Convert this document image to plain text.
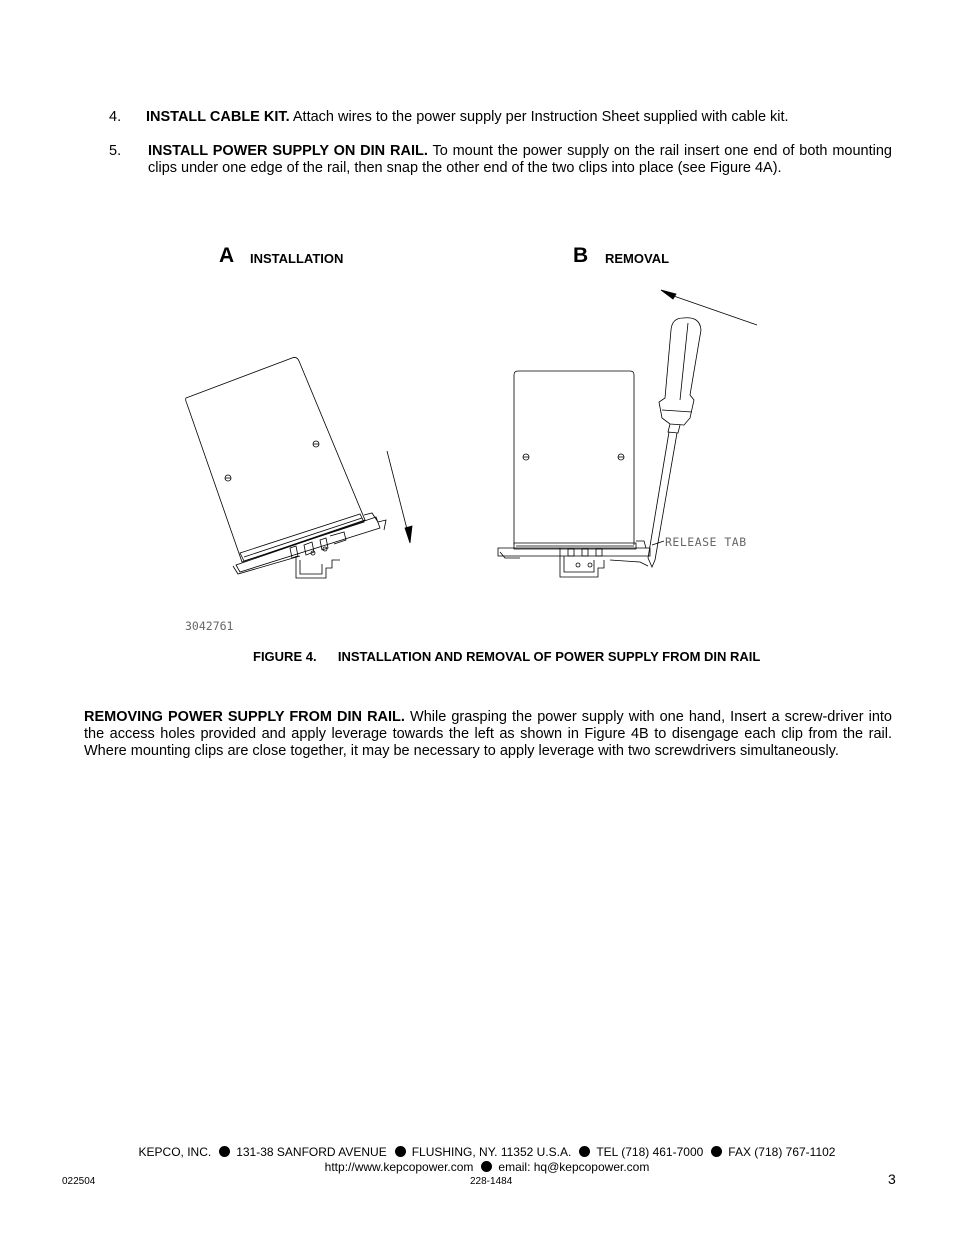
4. INSTALL CABLE KIT. Attach wires to the power supply per Instruction Sheet supplied with cable kit.
5. INSTALL POWER SUPPLY ON DIN RAIL. To mount the power supply on the rail insert one end of both mounting clips under one edge of the rail, then snap the other end of the two clips into place (see Figure 4A).
A INSTALLATION	B REMOVAL
RELEASE TAB
3042761
FIGURE 4. INSTALLATION AND REMOVAL OF POWER SUPPLY FROM DIN RAIL
REMOVING POWER SUPPLY FROM DIN RAIL. While grasping the power supply with one hand, Insert a screw-driver into the access holes provided and apply leverage towards the left as shown in Figure 4B to disengage each clip from the rail. Where mounting clips are close together, it may be necessary to apply leverage with two screwdrivers simultaneously.
KEPCO, INC. 131-38 SANFORD AVENUE FLUSHING, NY. 11352 U.S.A. TEL (718) 461-7000 FAX (718) 767-1102
http://www.kepcopower.com email: hq@kepcopower.com
022504	228-1484	3
